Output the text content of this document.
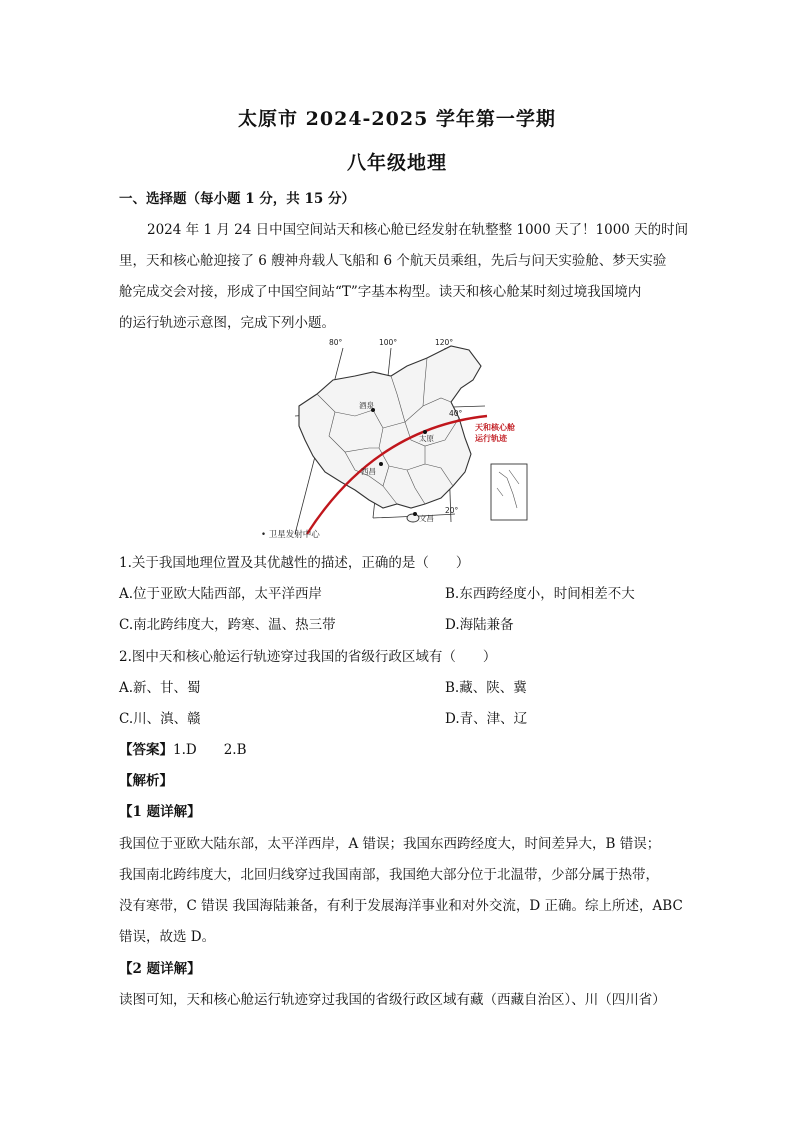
太原市 2024-2025 学年第一学期
八年级地理
一、选择题（每小题 1 分，共 15 分）
2024 年 1 月 24 日中国空间站天和核心舱已经发射在轨整整 1000 天了！1000 天的时间
里，天和核心舱迎接了 6 艘神舟载人飞船和 6 个航天员乘组，先后与问天实验舱、梦天实验
舱完成交会对接，形成了中国空间站“T”字基本构型。读天和核心舱某时刻过境我国境内
的运行轨迹示意图，完成下列小题。
80°	100°	120°
40°
20°
酒泉
太原
西昌
文昌
天和核心舱
运行轨迹
• 卫星发射中心
1.关于我国地理位置及其优越性的描述，正确的是（　　）
A.位于亚欧大陆西部，太平洋西岸	B.东西跨经度小，时间相差不大
C.南北跨纬度大，跨寒、温、热三带	D.海陆兼备
2.图中天和核心舱运行轨迹穿过我国的省级行政区域有（　　）
A.新、甘、蜀	B.藏、陕、冀
C.川、滇、赣	D.青、津、辽
【答案】1.D　　2.B
【解析】
【1 题详解】
我国位于亚欧大陆东部，太平洋西岸，A 错误；我国东西跨经度大，时间差异大，B 错误；
我国南北跨纬度大，北回归线穿过我国南部，我国绝大部分位于北温带，少部分属于热带，
没有寒带，C 错误 我国海陆兼备，有利于发展海洋事业和对外交流，D 正确。综上所述，ABC
错误，故选 D。
【2 题详解】
读图可知，天和核心舱运行轨迹穿过我国的省级行政区域有藏（西藏自治区）、川（四川省）
